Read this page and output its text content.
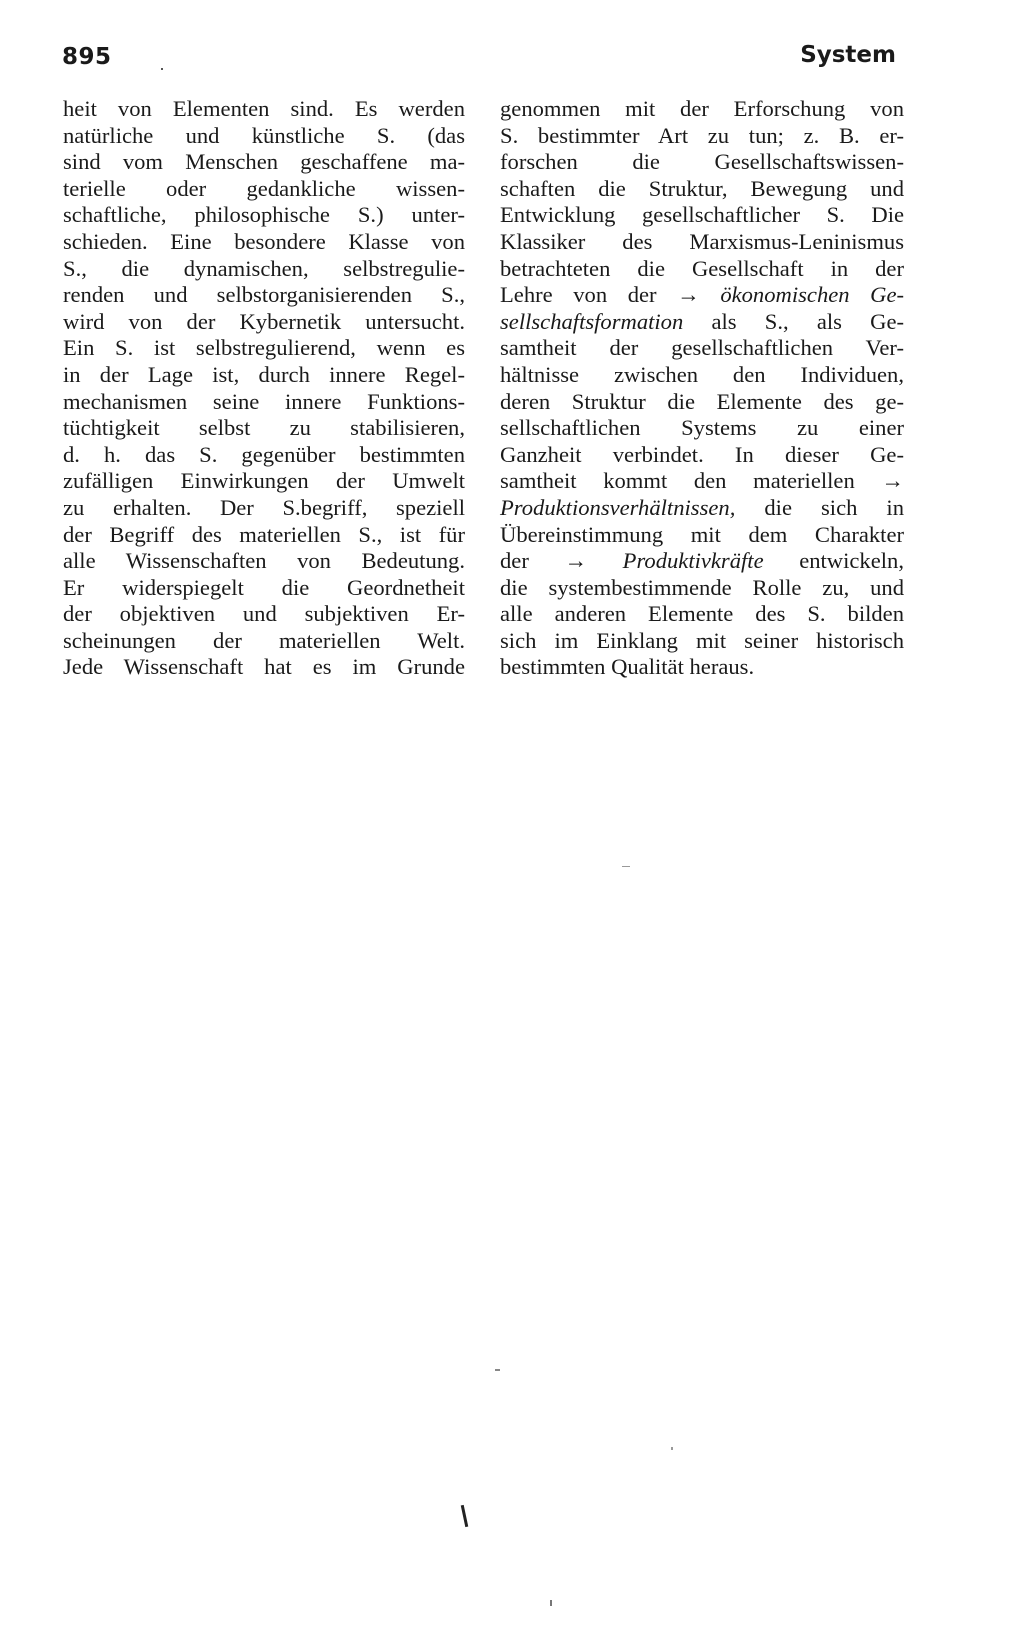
895	System
heit von Elementen sind. Es werden
natürliche und künstliche S. (das
sind vom Menschen geschaffene ma-
terielle oder gedankliche wissen-
schaftliche, philosophische S.) unter-
schieden. Eine besondere Klasse von
S., die dynamischen, selbstregulie-
renden und selbstorganisierenden S.,
wird von der Kybernetik untersucht.
Ein S. ist selbstregulierend, wenn es
in der Lage ist, durch innere Regel-
mechanismen seine innere Funktions-
tüchtigkeit selbst zu stabilisieren,
d. h. das S. gegenüber bestimmten
zufälligen Einwirkungen der Umwelt
zu erhalten. Der S.begriff, speziell
der Begriff des materiellen S., ist für
alle Wissenschaften von Bedeutung.
Er widerspiegelt die Geordnetheit
der objektiven und subjektiven Er-
scheinungen der materiellen Welt.
Jede Wissenschaft hat es im Grunde
genommen mit der Erforschung von
S. bestimmter Art zu tun; z. B. er-
forschen die Gesellschaftswissen-
schaften die Struktur, Bewegung und
Entwicklung gesellschaftlicher S. Die
Klassiker des Marxismus-Leninismus
betrachteten die Gesellschaft in der
Lehre von der → ökonomischen Ge-
sellschaftsformation als S., als Ge-
samtheit der gesellschaftlichen Ver-
hältnisse zwischen den Individuen,
deren Struktur die Elemente des ge-
sellschaftlichen Systems zu einer
Ganzheit verbindet. In dieser Ge-
samtheit kommt den materiellen →
Produktionsverhältnissen, die sich in
Übereinstimmung mit dem Charakter
der → Produktivkräfte entwickeln,
die systembestimmende Rolle zu, und
alle anderen Elemente des S. bilden
sich im Einklang mit seiner historisch
bestimmten Qualität heraus.
